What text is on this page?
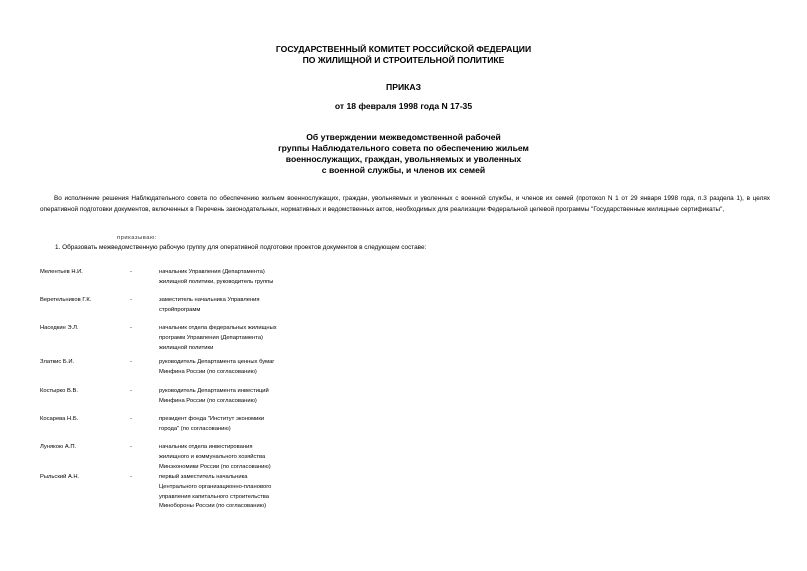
ГОСУДАРСТВЕННЫЙ КОМИТЕТ РОССИЙСКОЙ ФЕДЕРАЦИИ
ПО ЖИЛИЩНОЙ И СТРОИТЕЛЬНОЙ ПОЛИТИКЕ
ПРИКАЗ
от 18 февраля 1998 года N 17-35
Об утверждении межведомственной рабочей
группы Наблюдательного совета по обеспечению жильем
военнослужащих, граждан, увольняемых и уволенных
с военной службы, и членов их семей
Во исполнение решения Наблюдательного совета по обеспечению жильем военнослужащих, граждан, увольняемых и уволенных с военной службы, и членов их семей (протокол N 1 от 29 января 1998 года, п.3 раздела 1), в целях оперативной подготовки документов, включенных в Перечень законодательных, нормативных и ведомственных актов, необходимых для реализации Федеральной целевой программы "Государственные жилищные сертификаты",
приказываю:
1. Образовать межведомственную рабочую группу для оперативной подготовки проектов документов в следующем составе:
Мелентьев Н.И.	-	начальник Управления (Департамента)
жилищной политики, руководитель группы
Веретельников Г.К.	-	заместитель начальника Управления
стройпрограмм
Наседкин Э.Л.	-	начальник отдела федеральных жилищных
программ Управления (Департамента)
жилищной политики
Златкис Б.И.	-	руководитель Департамента ценных бумаг
Минфина России (по согласованию)
Костырко В.В.	-	руководитель Департамента инвестиций
Минфина России (по согласованию)
Косарева Н.Б.	-	президент фонда "Институт экономики
города" (по согласованию)
Лунякою А.П.	-	начальник отдела инвестирования
жилищного и коммунального хозяйства
Минэкономики России (по согласованию)
Рыльский А.Н.	-	первый заместитель начальника
Центрального организационно-планового
управления капитального строительства
Минобороны России (по согласованию)
